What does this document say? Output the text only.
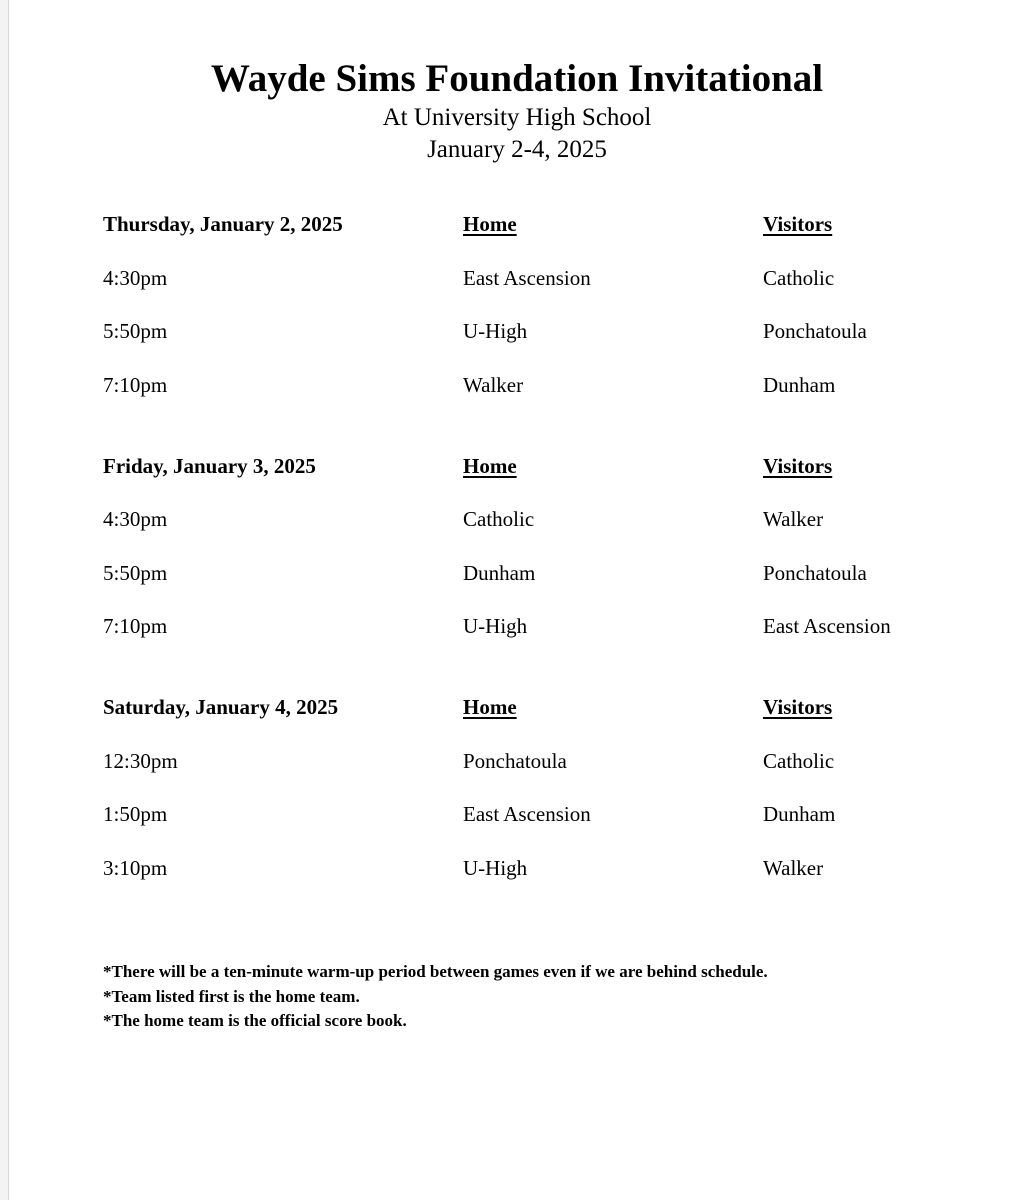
Wayde Sims Foundation Invitational
At University High School
January 2-4, 2025
Thursday, January 2, 2025	Home	Visitors
4:30pm	East Ascension	Catholic
5:50pm	U-High	Ponchatoula
7:10pm	Walker	Dunham
Friday, January 3, 2025	Home	Visitors
4:30pm	Catholic	Walker
5:50pm	Dunham	Ponchatoula
7:10pm	U-High	East Ascension
Saturday, January 4, 2025	Home	Visitors
12:30pm	Ponchatoula	Catholic
1:50pm	East Ascension	Dunham
3:10pm	U-High	Walker
*There will be a ten-minute warm-up period between games even if we are behind schedule.
*Team listed first is the home team.
*The home team is the official score book.
